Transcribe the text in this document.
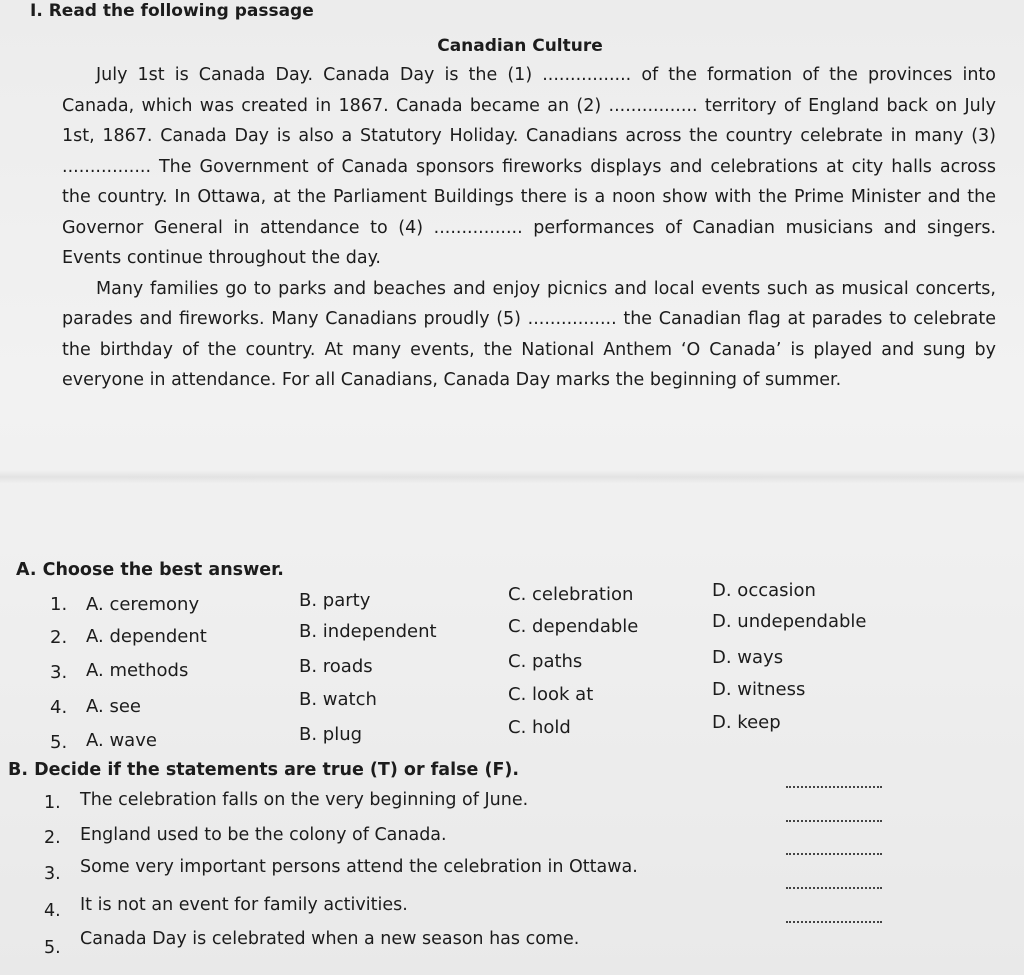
I. Read the following passage
Canadian Culture

July 1st is Canada Day. Canada Day is the (1) ................ of the formation of the provinces into Canada, which was created in 1867. Canada became an (2) ................ territory of England back on July 1st, 1867. Canada Day is also a Statutory Holiday. Canadians across the country celebrate in many (3) ................ The Government of Canada sponsors fireworks displays and celebrations at city halls across the country. In Ottawa, at the Parliament Buildings there is a noon show with the Prime Minister and the Governor General in attendance to (4) ................ performances of Canadian musicians and singers. Events continue throughout the day.

Many families go to parks and beaches and enjoy picnics and local events such as musical concerts, parades and fireworks. Many Canadians proudly (5) ................ the Canadian flag at parades to celebrate the birthday of the country. At many events, the National Anthem ‘O Canada’ is played and sung by everyone in attendance. For all Canadians, Canada Day marks the beginning of summer.

A. Choose the best answer.
1. A. ceremony	B. party	C. celebration	D. occasion
2. A. dependent	B. independent	C. dependable	D. undependable
3. A. methods	B. roads	C. paths	D. ways
4. A. see	B. watch	C. look at	D. witness
5. A. wave	B. plug	C. hold	D. keep
B. Decide if the statements are true (T) or false (F).
1. The celebration falls on the very beginning of June.
2. England used to be the colony of Canada.
3. Some very important persons attend the celebration in Ottawa.
4. It is not an event for family activities.
5. Canada Day is celebrated when a new season has come.
